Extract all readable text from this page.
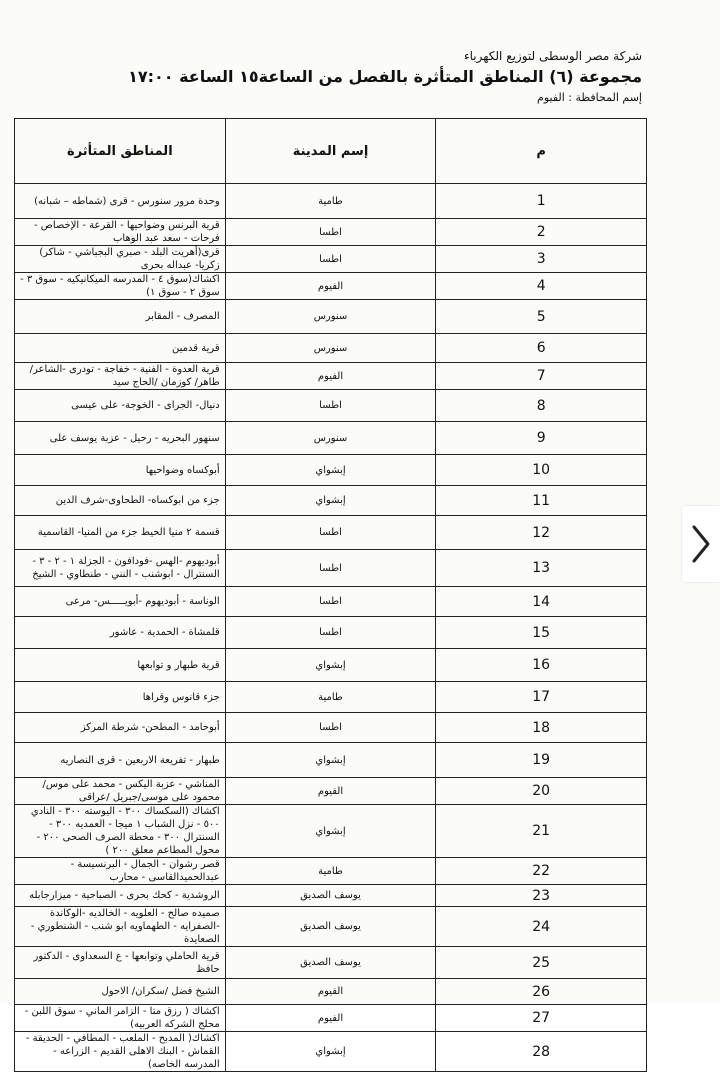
شركة مصر الوسطى لتوزيع الكهرباء
مجموعة (٦) المناطق المتأثرة بالفصل من الساعة١٥ الساعة ١٧:٠٠
إسم المحافظة : الفيوم
م	إسم المدينة	المناطق المتأثرة
1	طامية	وحدة مرور سنورس - قرى (شماطه – شبانه)
2	اطسا	قرية البرنس وضواحيها - القرعة - الإخصاص - فرحات - سعد عبد الوهاب
3	اطسا	قرى(أهريت البلد - صبري البجباشي - شاكر) زكريا- عبداله بحرى
4	الفيوم	اكشاك(سوق ٤ - المدرسه الميكانيكيه - سوق ٣ - سوق ٢ - سوق ١)
5	سنورس	المصرف - المقابر
6	سنورس	قرية قدمين
7	الفيوم	قرية العدوة - الفنية - خفاجة - تودرى -الشاعر/طاهر/ كوزمان /الحاج سيد
8	اطسا	دنيال- الجراى - الخوجة- على عيسى
9	سنورس	سنهور البحريه - رحيل - عزبة يوسف على
10	إبشواي	أبوكساه وضواحيها
11	إبشواي	جزء من ابوكساه- الطحاوى-شرف الدين
12	اطسا	قسمة ٢ منيا الحيط جزء من المنيا- القاسمية
13	اطسا	أبوديهوم -الهس -فودافون - الجزلة ١ - ٢ - ٣ - السنترال - ابوشنب - النني - طنطاوي - الشيخ
14	اطسا	الوناسة - أبوديهوم -أبويـــــس- مرعى
15	اطسا	قلمشاة - الحمدية - عاشور
16	إبشواي	قرية طبهار و توابعها
17	طامية	جزء قانوس وقراها
18	اطسا	أبوحامد - المطحن- شرطة المركز
19	إبشواي	طبهار - تفريعة الاربعين - قرى النصاريه
20	الفيوم	المناشي - عزبة اليكس - محمد على موس/محمود على موسى/جبريل /عراقى
21	إبشواي	اكشاك (السكساك ٣٠٠ - اليوسته ٣٠٠ - النادي ٥٠٠ - نزل الشباب ١ ميجا - العمديه ٣٠٠ - السنترال ٣٠٠ - محطة الصرف الصحى ٢٠٠ - محول المطاعم معلق ٢٠٠ )
22	طامية	قصر رشوان - الجمال - البرنسيسة - عبدالحميدالقاسى - محارب
23	يوسف الصديق	الروشدية - كحك بحرى - الصباحية - ميزارجابله
24	يوسف الصديق	صميده صالح - العلويه - الخالديه -الوكاندة -الصفرايه - الطهماويه ابو شنب - الشنطوري - الصعايدة
25	يوسف الصديق	قرية الحاملي وتوابعها - ع السعداوى - الدكتور حافظ
26	الفيوم	الشيخ فضل /سكران/ الاحول
27	الفيوم	اكشاك ( رزق متا - الزامر الماني - سوق اللبن - محلج الشركه العربيه)
28	إبشواي	اكشاك( المدبح - الملعب - المطافي - الحديقة - القماش - البنك الاهلى القديم - الزراعه - المدرسه الخاصه)
